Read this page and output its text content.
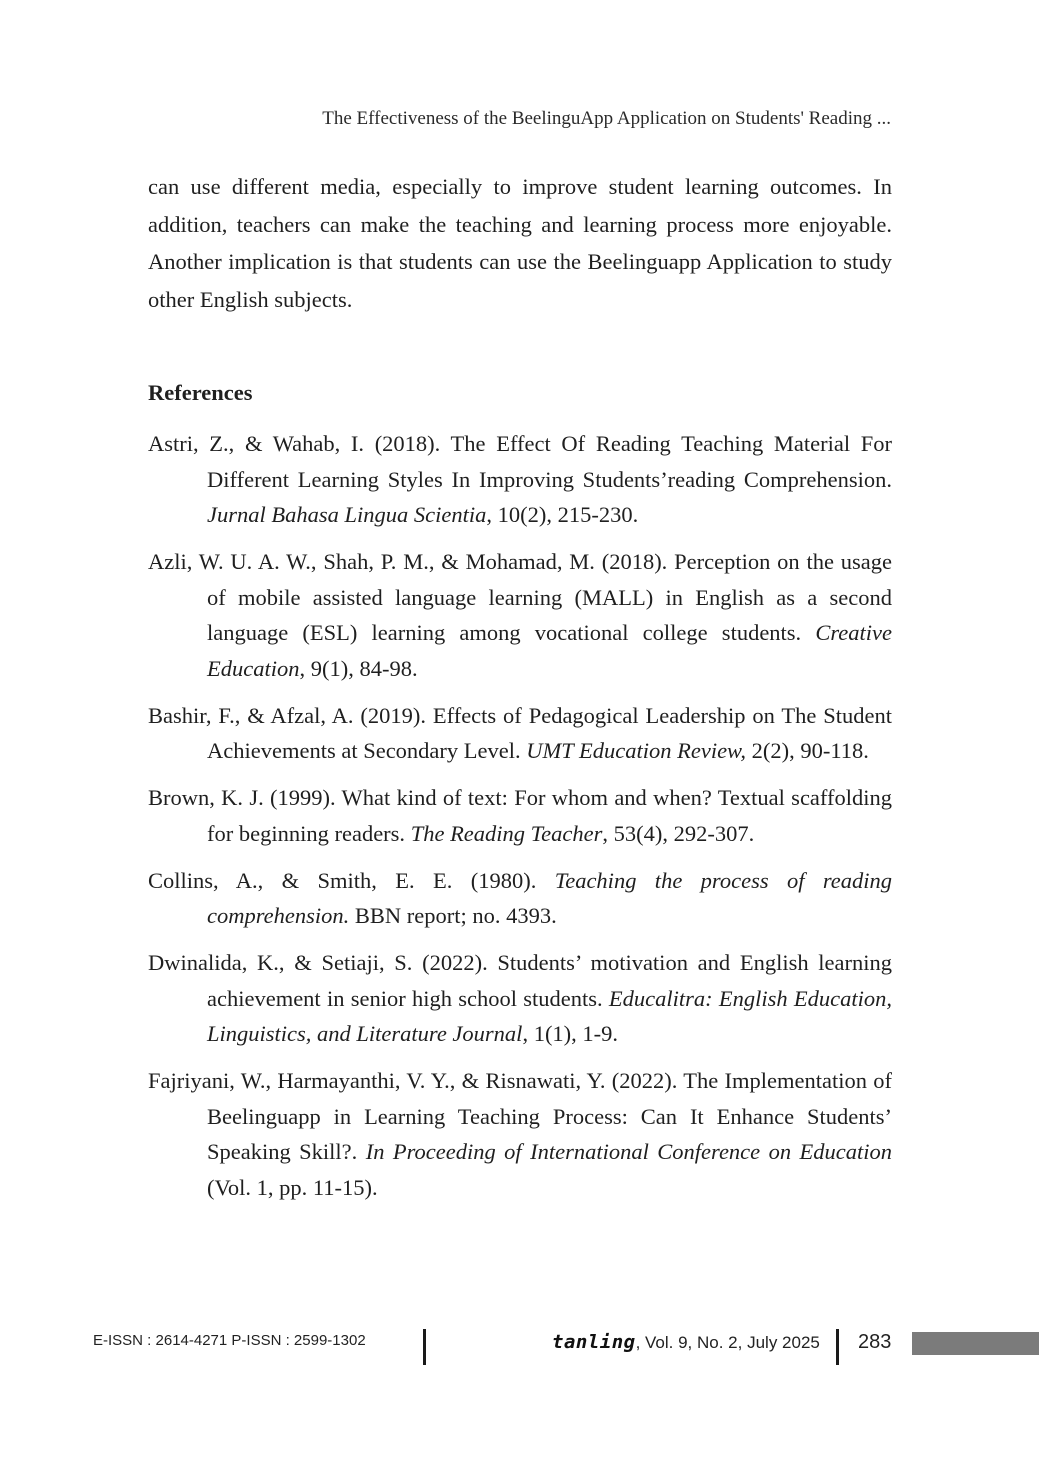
The Effectiveness of the BeelinguApp Application on Students' Reading ...

can use different media, especially to improve student learning outcomes. In addition, teachers can make the teaching and learning process more enjoyable. Another implication is that students can use the Beelinguapp Application to study other English subjects.

References
Astri, Z., & Wahab, I. (2018). The Effect Of Reading Teaching Material For Different Learning Styles In Improving Students’reading Comprehension. Jurnal Bahasa Lingua Scientia, 10(2), 215-230.
Azli, W. U. A. W., Shah, P. M., & Mohamad, M. (2018). Perception on the usage of mobile assisted language learning (MALL) in English as a second language (ESL) learning among vocational college students. Creative Education, 9(1), 84-98.
Bashir, F., & Afzal, A. (2019). Effects of Pedagogical Leadership on The Student Achievements at Secondary Level. UMT Education Review, 2(2), 90-118.
Brown, K. J. (1999). What kind of text: For whom and when? Textual scaffolding for beginning readers. The Reading Teacher, 53(4), 292-307.
Collins, A., & Smith, E. E. (1980). Teaching the process of reading comprehension. BBN report; no. 4393.
Dwinalida, K., & Setiaji, S. (2022). Students’ motivation and English learning achievement in senior high school students. Educalitra: English Education, Linguistics, and Literature Journal, 1(1), 1-9.
Fajriyani, W., Harmayanthi, V. Y., & Risnawati, Y. (2022). The Implementation of Beelinguapp in Learning Teaching Process: Can It Enhance Students’ Speaking Skill?. In Proceeding of International Conference on Education (Vol. 1, pp. 11-15).
E-ISSN : 2614-4271 P-ISSN : 2599-1302	tanling, Vol. 9, No. 2, July 2025 283
